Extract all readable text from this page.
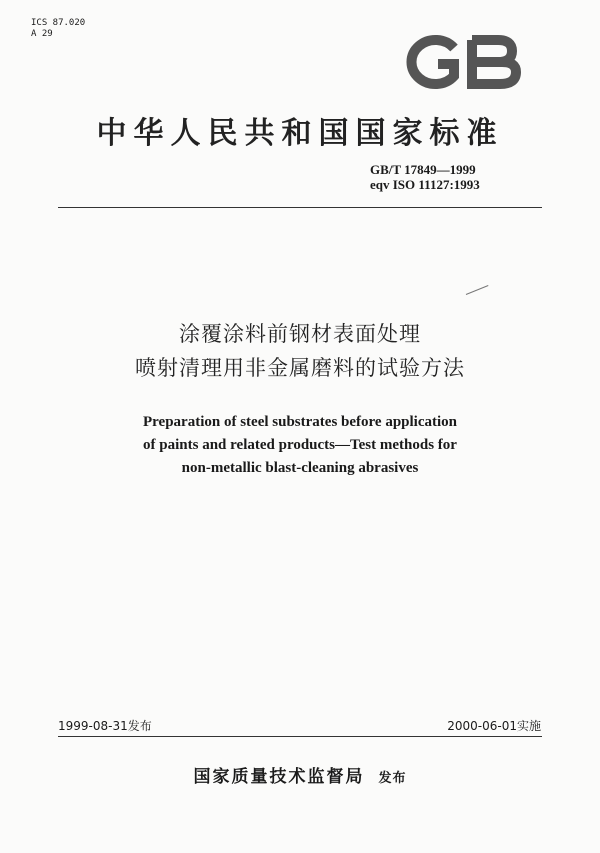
ICS 87.020
A 29
中华人民共和国国家标准
GB/T 17849—1999
eqv ISO 11127:1993
涂覆涂料前钢材表面处理
喷射清理用非金属磨料的试验方法
Preparation of steel substrates before application
of paints and related products—Test methods for
non-metallic blast-cleaning abrasives
1999-08-31发布	2000-06-01实施
国家质量技术监督局 发布
